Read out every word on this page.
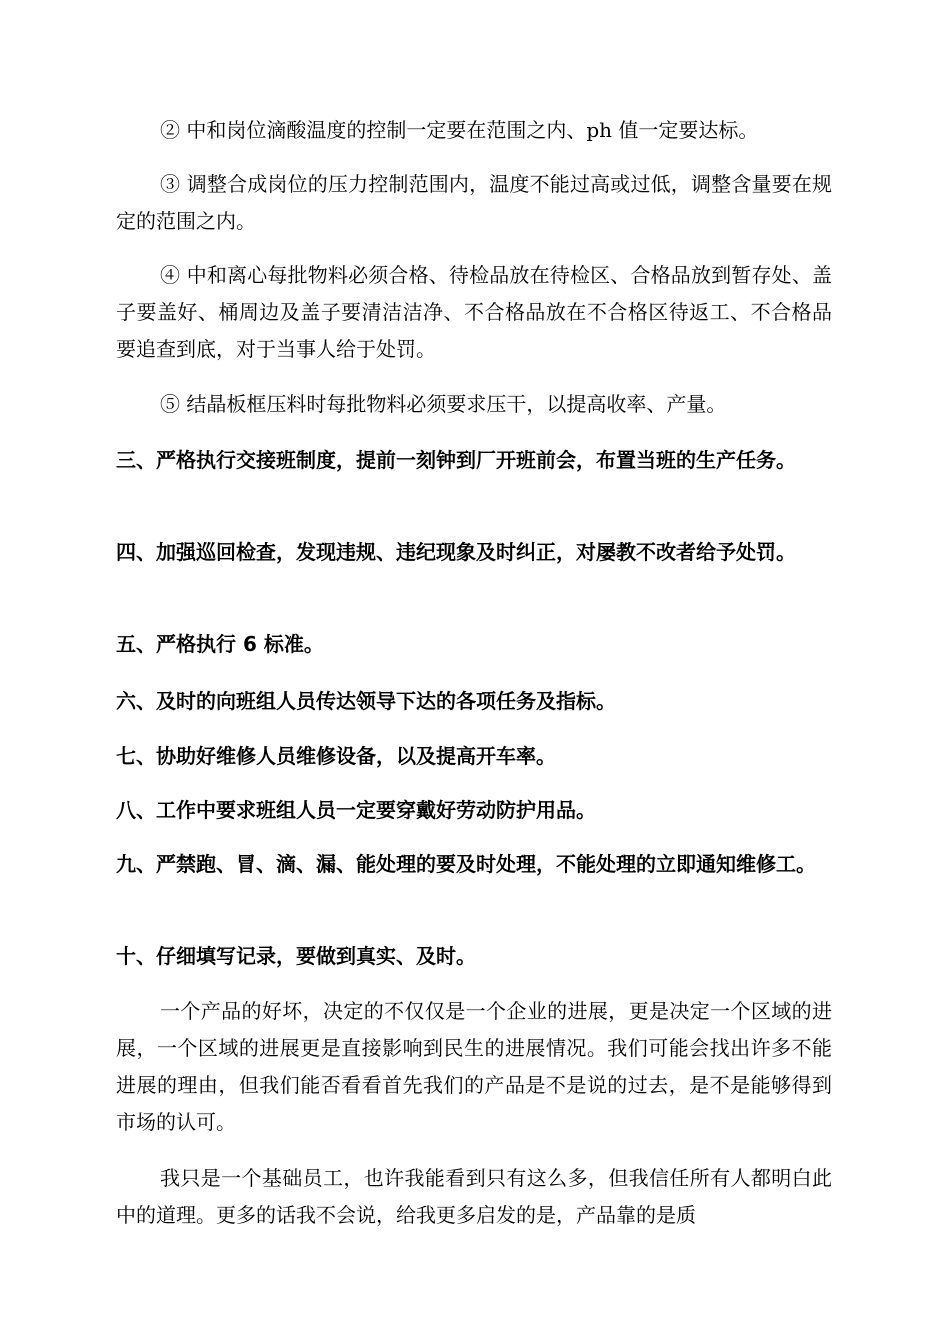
② 中和岗位滴酸温度的控制一定要在范围之内、ph 值一定要达标。

③ 调整合成岗位的压力控制范围内，温度不能过高或过低，调整含量要在规定的范围之内。

④ 中和离心每批物料必须合格、待检品放在待检区、合格品放到暂存处、盖子要盖好、桶周边及盖子要清洁洁净、不合格品放在不合格区待返工、不合格品要追查到底，对于当事人给于处罚。

⑤ 结晶板框压料时每批物料必须要求压干，以提高收率、产量。

三、严格执行交接班制度，提前一刻钟到厂开班前会，布置当班的生产任务。

四、加强巡回检查，发现违规、违纪现象及时纠正，对屡教不改者给予处罚。

五、严格执行 6 标准。

六、及时的向班组人员传达领导下达的各项任务及指标。

七、协助好维修人员维修设备，以及提高开车率。

八、工作中要求班组人员一定要穿戴好劳动防护用品。

九、严禁跑、冒、滴、漏、能处理的要及时处理，不能处理的立即通知维修工。

十、仔细填写记录，要做到真实、及时。

一个产品的好坏，决定的不仅仅是一个企业的进展，更是决定一个区域的进展，一个区域的进展更是直接影响到民生的进展情况。我们可能会找出许多不能进展的理由，但我们能否看看首先我们的产品是不是说的过去，是不是能够得到市场的认可。

我只是一个基础员工，也许我能看到只有这么多，但我信任所有人都明白此中的道理。更多的话我不会说，给我更多启发的是，产品靠的是质
